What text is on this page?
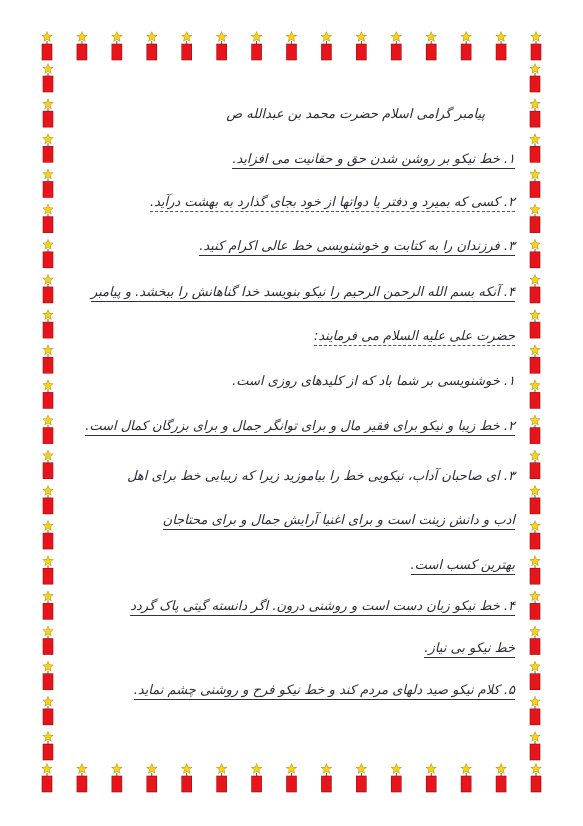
پیامبر گرامی اسلام حضرت محمد بن عبدالله ص
۱. خط نیکو بر روشن شدن حق و حقانیت می افزاید.
۲. کسی که بمیرد و دفتر یا دواتها از خود بجای گذارد به بهشت درآید.
۳. فرزندان را به کتابت و خوشنویسی خط عالی اکرام کنید.
۴. آنکه بسم الله الرحمن الرحیم را نیکو بنویسد خدا گناهانش را ببخشد. و پیامبر
حضرت علی علیه السلام می فرمایند:
۱. خوشنویسی بر شما باد که از کلیدهای روزی است.
۲. خط زیبا و نیکو برای فقیر مال و برای توانگر جمال و برای بزرگان کمال است.
۳. ای صاحبان آداب، نیکویی خط را بیاموزید زیرا که زیبایی خط برای اهل
ادب و دانش زینت است و برای اغنیا آرایش جمال و برای محتاجان
بهترین کسب است.
۴. خط نیکو زبان دست است و روشنی درون. اگر دانسته گیتی پاک گردد
خط نیکو بی نیاز.
۵. کلام نیکو صید دلهای مردم کند و خط نیکو فرح و روشنی چشم نماید.
